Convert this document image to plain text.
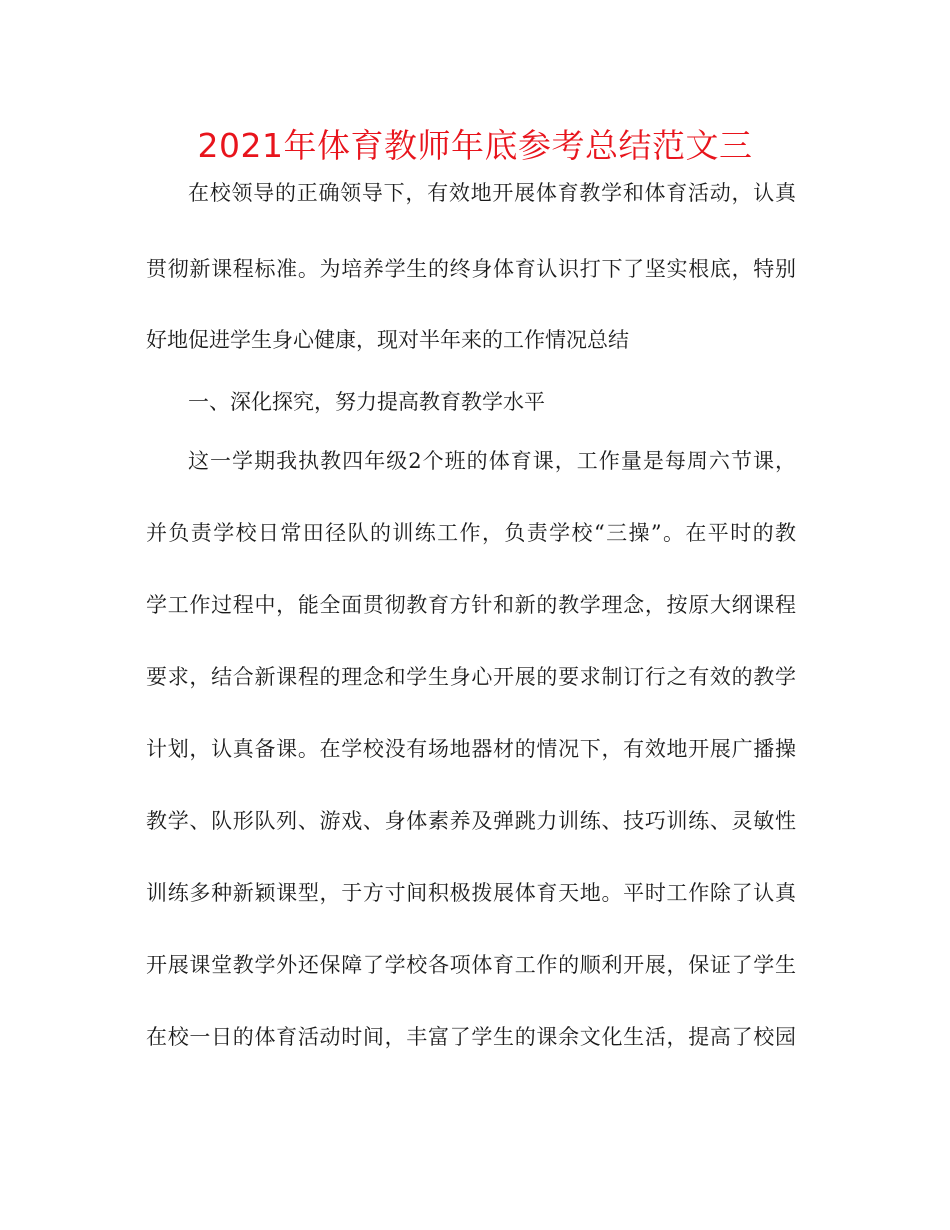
2021年体育教师年底参考总结范文三
在校领导的正确领导下，有效地开展体育教学和体育活动，认真
贯彻新课程标准。为培养学生的终身体育认识打下了坚实根底，特别
好地促进学生身心健康，现对半年来的工作情况总结
一、深化探究，努力提高教育教学水平
这一学期我执教四年级2个班的体育课，工作量是每周六节课，
并负责学校日常田径队的训练工作，负责学校“三操”。在平时的教
学工作过程中，能全面贯彻教育方针和新的教学理念，按原大纲课程
要求，结合新课程的理念和学生身心开展的要求制订行之有效的教学
计划，认真备课。在学校没有场地器材的情况下，有效地开展广播操
教学、队形队列、游戏、身体素养及弹跳力训练、技巧训练、灵敏性
训练多种新颖课型，于方寸间积极拨展体育天地。平时工作除了认真
开展课堂教学外还保障了学校各项体育工作的顺利开展，保证了学生
在校一日的体育活动时间，丰富了学生的课余文化生活，提高了校园
